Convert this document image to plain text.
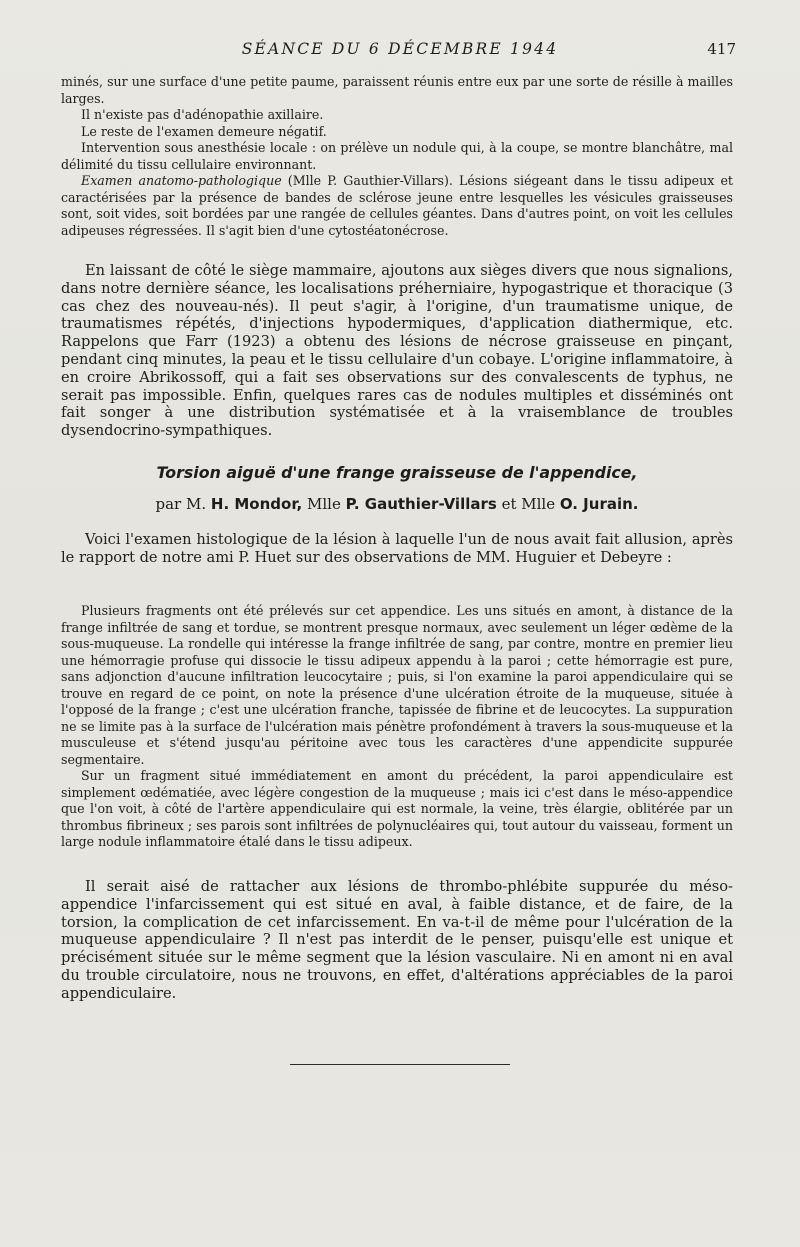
SÉANCE DU 6 DÉCEMBRE 1944	417

minés, sur une surface d'une petite paume, paraissent réunis entre eux par une sorte de résille à mailles larges.

Il n'existe pas d'adénopathie axillaire.

Le reste de l'examen demeure négatif.

Intervention sous anesthésie locale : on prélève un nodule qui, à la coupe, se montre blanchâtre, mal délimité du tissu cellulaire environnant.

Examen anatomo-pathologique (Mlle P. Gauthier-Villars). Lésions siégeant dans le tissu adipeux et caractérisées par la présence de bandes de sclérose jeune entre lesquelles les vésicules graisseuses sont, soit vides, soit bordées par une rangée de cellules géantes. Dans d'autres point, on voit les cellules adipeuses régressées. Il s'agit bien d'une cytostéatonécrose.

En laissant de côté le siège mammaire, ajoutons aux sièges divers que nous signalions, dans notre dernière séance, les localisations préherniaire, hypogastrique et thoracique (3 cas chez des nouveau-nés). Il peut s'agir, à l'origine, d'un traumatisme unique, de traumatismes répétés, d'injections hypodermiques, d'application diathermique, etc. Rappelons que Farr (1923) a obtenu des lésions de nécrose graisseuse en pinçant, pendant cinq minutes, la peau et le tissu cellulaire d'un cobaye. L'origine inflammatoire, à en croire Abrikossoff, qui a fait ses observations sur des convalescents de typhus, ne serait pas impossible. Enfin, quelques rares cas de nodules multiples et disséminés ont fait songer à une distribution systématisée et à la vraisemblance de troubles dysendocrino-sympathiques.

Torsion aiguë d'une frange graisseuse de l'appendice,
par M. H. Mondor, Mlle P. Gauthier-Villars et Mlle O. Jurain.

Voici l'examen histologique de la lésion à laquelle l'un de nous avait fait allusion, après le rapport de notre ami P. Huet sur des observations de MM. Huguier et Debeyre :

Plusieurs fragments ont été prélevés sur cet appendice. Les uns situés en amont, à distance de la frange infiltrée de sang et tordue, se montrent presque normaux, avec seulement un léger œdème de la sous-muqueuse. La rondelle qui intéresse la frange infiltrée de sang, par contre, montre en premier lieu une hémorragie profuse qui dissocie le tissu adipeux appendu à la paroi ; cette hémorragie est pure, sans adjonction d'aucune infiltration leucocytaire ; puis, si l'on examine la paroi appendiculaire qui se trouve en regard de ce point, on note la présence d'une ulcération étroite de la muqueuse, située à l'opposé de la frange ; c'est une ulcération franche, tapissée de fibrine et de leucocytes. La suppuration ne se limite pas à la surface de l'ulcération mais pénètre profondément à travers la sous-muqueuse et la musculeuse et s'étend jusqu'au péritoine avec tous les caractères d'une appendicite suppurée segmentaire.

Sur un fragment situé immédiatement en amont du précédent, la paroi appendiculaire est simplement œdématiée, avec légère congestion de la muqueuse ; mais ici c'est dans le méso-appendice que l'on voit, à côté de l'artère appendiculaire qui est normale, la veine, très élargie, oblitérée par un thrombus fibrineux ; ses parois sont infiltrées de polynucléaires qui, tout autour du vaisseau, forment un large nodule inflammatoire étalé dans le tissu adipeux.

Il serait aisé de rattacher aux lésions de thrombo-phlébite suppurée du méso-appendice l'infarcissement qui est situé en aval, à faible distance, et de faire, de la torsion, la complication de cet infarcissement. En va-t-il de même pour l'ulcération de la muqueuse appendiculaire ? Il n'est pas interdit de le penser, puisqu'elle est unique et précisément située sur le même segment que la lésion vasculaire. Ni en amont ni en aval du trouble circulatoire, nous ne trouvons, en effet, d'altérations appréciables de la paroi appendiculaire.
